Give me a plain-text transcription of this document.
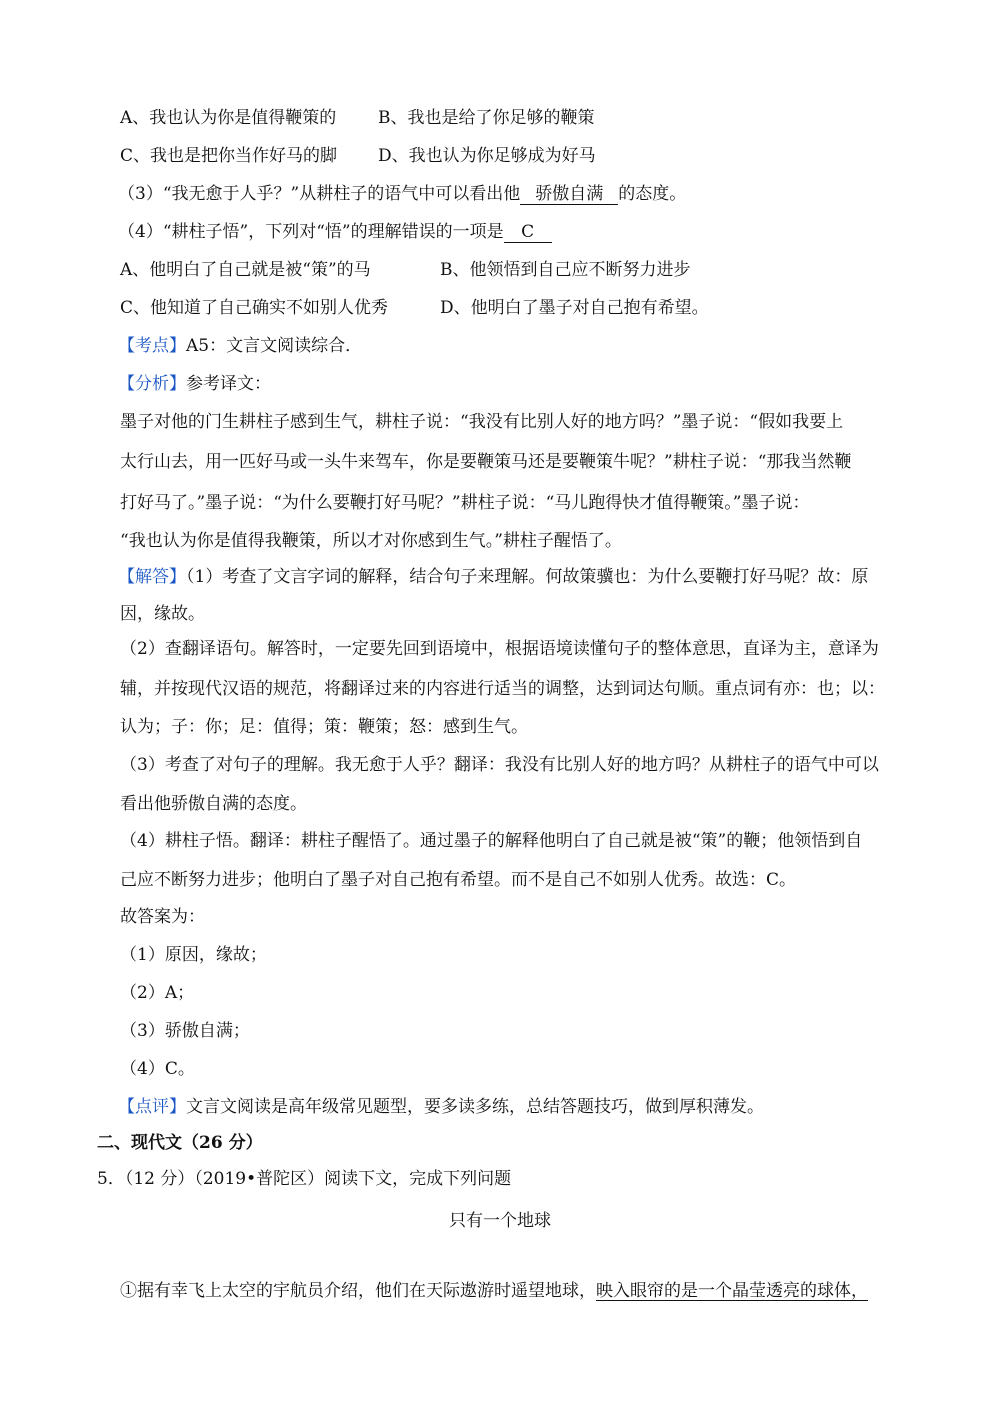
A、我也认为你是值得鞭策的 B、我也是给了你足够的鞭策
C、我也是把你当作好马的脚 D、我也认为你足够成为好马
（3）“我无愈于人乎？”从耕柱子的语气中可以看出他 骄傲自满 的态度。
（4）“耕柱子悟”，下列对“悟”的理解错误的一项是 C
A、他明白了自己就是被“策”的马	B、他领悟到自己应不断努力进步
C、他知道了自己确实不如别人优秀	D、他明白了墨子对自己抱有希望。
【考点】A5：文言文阅读综合．
【分析】参考译文：
墨子对他的门生耕柱子感到生气，耕柱子说：“我没有比别人好的地方吗？”墨子说：“假如我要上
太行山去，用一匹好马或一头牛来驾车，你是要鞭策马还是要鞭策牛呢？”耕柱子说：“那我当然鞭
打好马了。”墨子说：“为什么要鞭打好马呢？”耕柱子说：“马儿跑得快才值得鞭策。”墨子说：
“我也认为你是值得我鞭策，所以才对你感到生气。”耕柱子醒悟了。
【解答】（1）考查了文言字词的解释，结合句子来理解。何故策骥也：为什么要鞭打好马呢？故：原
因，缘故。
（2）查翻译语句。解答时，一定要先回到语境中，根据语境读懂句子的整体意思，直译为主，意译为
辅，并按现代汉语的规范，将翻译过来的内容进行适当的调整，达到词达句顺。重点词有亦：也；以：
认为；子：你；足：值得；策：鞭策；怒：感到生气。
（3）考查了对句子的理解。我无愈于人乎？翻译：我没有比别人好的地方吗？从耕柱子的语气中可以
看出他骄傲自满的态度。
（4）耕柱子悟。翻译：耕柱子醒悟了。通过墨子的解释他明白了自己就是被“策”的鞭；他领悟到自
己应不断努力进步；他明白了墨子对自己抱有希望。而不是自己不如别人优秀。故选：C。
故答案为：
（1）原因，缘故；
（2）A；
（3）骄傲自满；
（4）C。
【点评】文言文阅读是高年级常见题型，要多读多练，总结答题技巧，做到厚积薄发。
二、现代文（26 分）
5．（12 分）（2019•普陀区）阅读下文，完成下列问题
只有一个地球
①据有幸飞上太空的宇航员介绍，他们在天际遨游时遥望地球，映入眼帘的是一个晶莹透亮的球体，
